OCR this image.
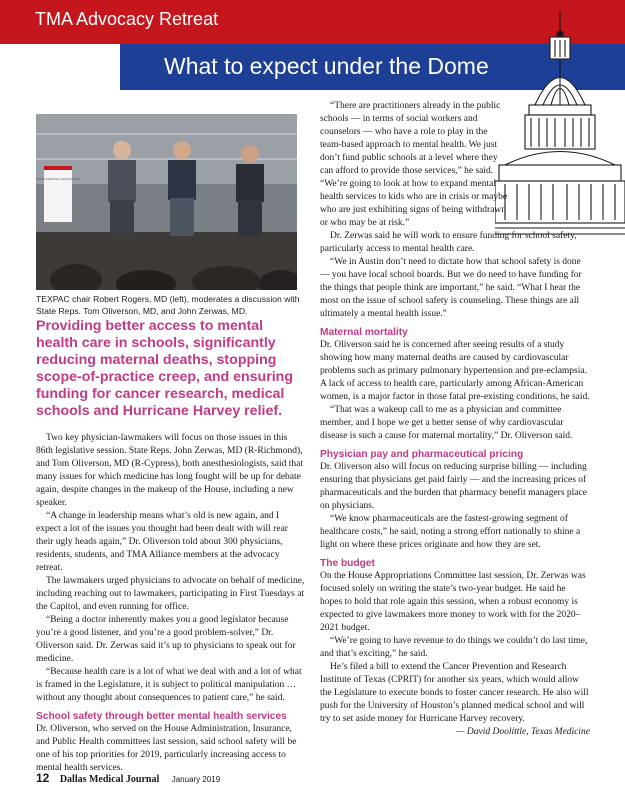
TMA Advocacy Retreat
What to expect under the Dome
TEXAS MEDICAL ASSOCIATION
TEXPAC chair Robert Rogers, MD (left), moderates a discussion with State Reps. Tom Oliverson, MD, and John Zerwas, MD.
Providing better access to mental health care in schools, significantly reducing maternal deaths, stopping scope-of-practice creep, and ensuring funding for cancer research, medical schools and Hurricane Harvey relief.

Two key physician-lawmakers will focus on those issues in this 86th legislative session. State Reps. John Zerwas, MD (R-Richmond), and Tom Oliverson, MD (R-Cypress), both anesthesiologists, said that many issues for which medicine has long fought will be up for debate again, despite changes in the makeup of the House, including a new speaker.

“A change in leadership means what’s old is new again, and I expect a lot of the issues you thought had been dealt with will rear their ugly heads again,” Dr. Oliverson told about 300 physicians, residents, students, and TMA Alliance members at the advocacy retreat.

The lawmakers urged physicians to advocate on behalf of medicine, including reaching out to lawmakers, participating in First Tuesdays at the Capitol, and even running for office.

“Being a doctor inherently makes you a good legislator because you’re a good listener, and you’re a good problem-solver,” Dr. Oliverson said. Dr. Zerwas said it’s up to physicians to speak out for medicine.

“Because health care is a lot of what we deal with and a lot of what is framed in the Legislature, it is subject to political manipulation … without any thought about consequences to patient care,” he said.

School safety through better mental health services

Dr. Oliverson, who served on the House Administration, Insurance, and Public Health committees last session, said school safety will be one of his top priorities for 2019, particularly increasing access to mental health services.

“There are practitioners already in the public schools — in terms of social workers and counselors — who have a role to play in the team-based approach to mental health. We just don’t fund public schools at a level where they can afford to provide those services,” he said. “We’re going to look at how to expand mental health services to kids who are in crisis or maybe who are just exhibiting signs of being withdrawn or who may be at risk.”

Dr. Zerwas said he will work to ensure funding for school safety, particularly access to mental health care.

“We in Austin don’t need to dictate how that school safety is done — you have local school boards. But we do need to have funding for the things that people think are important,” he said. “What I hear the most on the issue of school safety is counseling. These things are all ultimately a mental health issue.”

Maternal mortality

Dr. Oliverson said he is concerned after seeing results of a study showing how many maternal deaths are caused by cardiovascular problems such as primary pulmonary hypertension and pre-eclampsia. A lack of access to health care, particularly among African-American women, is a major factor in those fatal pre-existing conditions, he said.

“That was a wakeup call to me as a physician and committee member, and I hope we get a better sense of why cardiovascular disease is such a cause for maternal mortality,” Dr. Oliverson said.

Physician pay and pharmaceutical pricing

Dr. Oliverson also will focus on reducing surprise billing — including ensuring that physicians get paid fairly — and the increasing prices of pharmaceuticals and the burden that pharmacy benefit managers place on physicians.

“We know pharmaceuticals are the fastest-growing segment of healthcare costs,” he said, noting a strong effort nationally to shine a light on where these prices originate and how they are set.

The budget

On the House Appropriations Committee last session, Dr. Zerwas was focused solely on writing the state’s two-year budget. He said he hopes to hold that role again this session, when a robust economy is expected to give lawmakers more money to work with for the 2020–2021 budget.

“We’re going to have revenue to do things we couldn’t do last time, and that’s exciting,” he said.

He’s filed a bill to extend the Cancer Prevention and Research Institute of Texas (CPRIT) for another six years, which would allow the Legislature to execute bonds to foster cancer research. He also will push for the University of Houston’s planned medical school and will try to set aside money for Hurricane Harvey recovery.

— David Doolittle, Texas Medicine

12 Dallas Medical Journal January 2019
